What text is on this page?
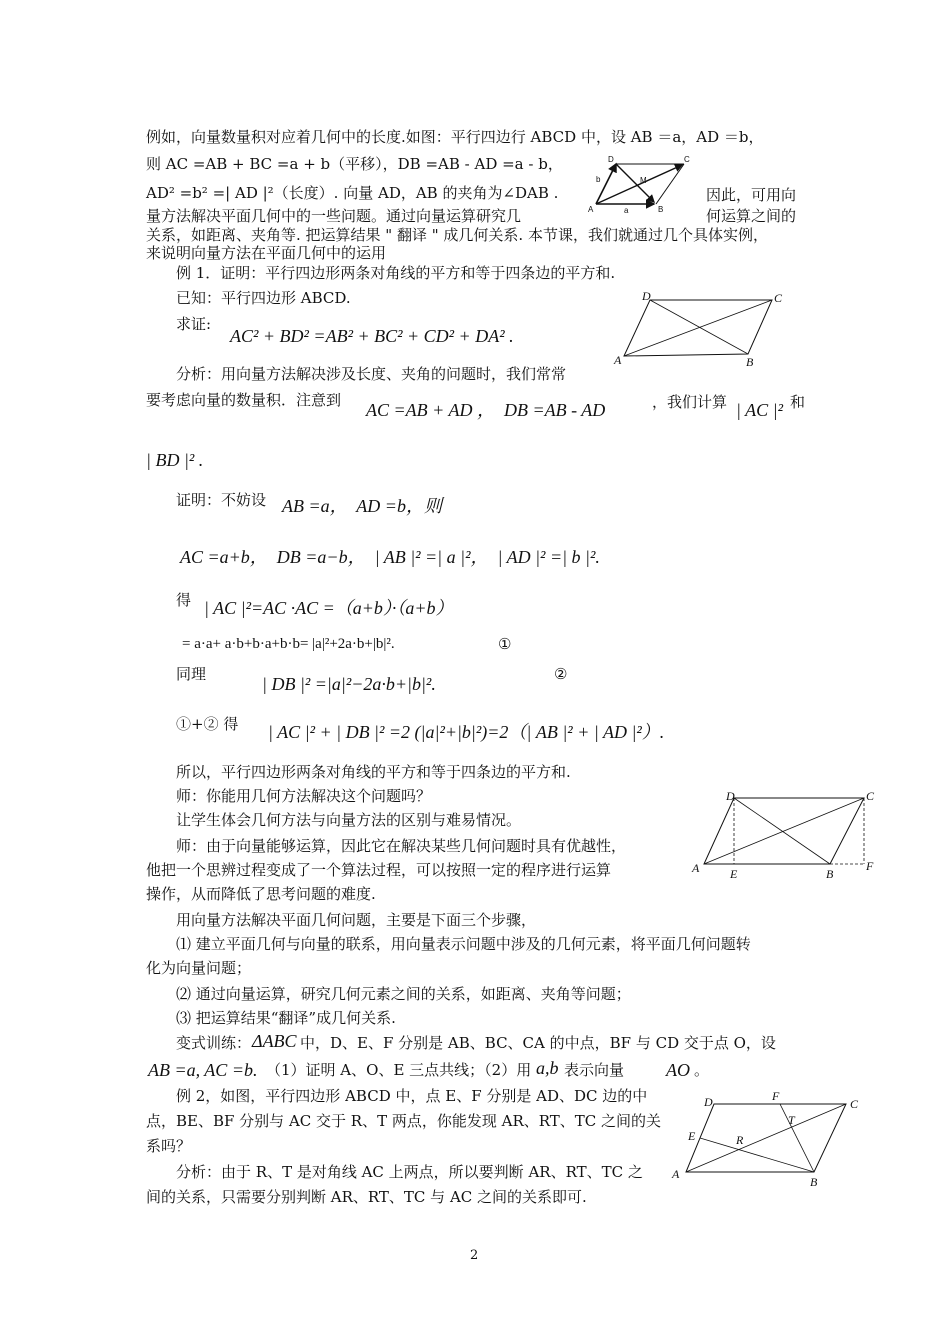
例如，向量数量积对应着几何中的长度.如图：平行四边行 ABCD 中，设 AB ＝a，AD ＝b，
则 AC =AB + BC =a + b（平移），DB =AB - AD =a - b，
AD² =b² =| AD |²（长度）. 向量 AD，AB 的夹角为∠DAB .	因此，可用向
量方法解决平面几何中的一些问题。通过向量运算研究几	何运算之间的
关系，如距离、夹角等. 把运算结果 " 翻译 " 成几何关系. 本节课，我们就通过几个具体实例，
来说明向量方法在平面几何中的运用
例 1．证明：平行四边形两条对角线的平方和等于四条边的平方和.
已知：平行四边形 ABCD.
求证:
AC² + BD² =AB² + BC² + CD² + DA² .
分析：用向量方法解决涉及长度、夹角的问题时，我们常常
要考虑向量的数量积．注意到 AC =AB + AD ，  DB =AB - AD	，我们计算 | AC |² 和
| BD |² .
证明：不妨设 AB =a，  AD =b，则
AC =a+b，  DB =a−b，  | AB |² =| a |²，  | AD |² =| b |².
得 | AC |²=AC ·AC =（a+b）·（a+b）
= a·a+ a·b+b·a+b·b= |a|²+2a·b+|b|².	①
同理	| DB |² =|a|²−2a·b+|b|².	②
①+② 得 | AC |² + | DB |² =2 (|a|²+|b|²)=2（| AB |² + | AD |²）.
所以，平行四边形两条对角线的平方和等于四条边的平方和.
师：你能用几何方法解决这个问题吗？
让学生体会几何方法与向量方法的区别与难易情况。
师：由于向量能够运算，因此它在解决某些几何问题时具有优越性，
他把一个思辨过程变成了一个算法过程，可以按照一定的程序进行运算
操作，从而降低了思考问题的难度.
用向量方法解决平面几何问题，主要是下面三个步骤，
⑴ 建立平面几何与向量的联系，用向量表示问题中涉及的几何元素，将平面几何问题转
化为向量问题；
⑵ 通过向量运算，研究几何元素之间的关系，如距离、夹角等问题；
⑶ 把运算结果“翻译”成几何关系.
变式训练： ΔABC 中，D、E、F 分别是 AB、BC、CA 的中点，BF 与 CD 交于点 O，设
AB =a, AC =b. （1）证明 A、O、E 三点共线；（2）用 a,b 表示向量 AO 。
例 2，如图，平行四边形 ABCD 中，点 E、F 分别是 AD、DC 边的中
点，BE、BF 分别与 AC 交于 R、T 两点，你能发现 AR、RT、TC 之间的关
系吗？
分析：由于 R、T 是对角线 AC 上两点，所以要判断 AR、RT、TC 之
间的关系，只需要分别判断 AR、RT、TC 与 AC 之间的关系即可.
2
D	C
A	B
M
a
b
D	C
A	B
D	C
A	E	B
F
D	F
C
T
E	R
A
B
